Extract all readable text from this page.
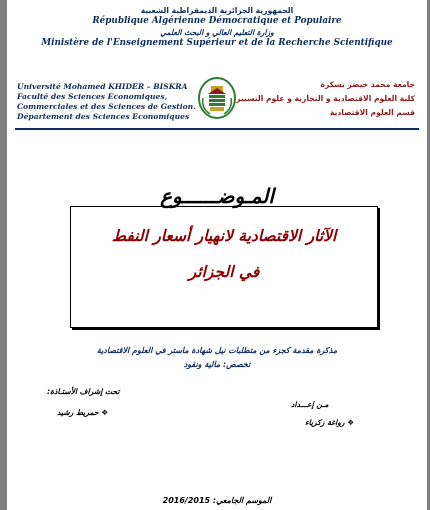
الجمهورية الجزائرية الديمقراطية الشعبية
République Algérienne Démocratique et Populaire
وزارة التعليم العالي و البحث العلمي
Ministère de l'Enseignement Supérieur et de la Recherche Scientifique
Université Mohamed KHIDER – BISKRA
Faculté des Sciences Economiques,
Commerciales et des Sciences de Gestion.
Département des Sciences Economiques
جامعة محمد خيضر بسكرة
كلية العلوم الاقتصادية و التجارية و علوم التسيير
قسم العلوم الاقتصادية
المـوضــــــوع
الآثار الاقتصادية لانهيار أسعار النفط
في الجزائر
مذكرة مقدمة كجزء من متطلبات نيل شهادة ماستر في العلوم الاقتصادية
تخصص: مالية ونقود
تحت إشراف الأستـاذة:
❖ حمريط رشيد
مـن إعـــداد
❖ رواغة زكرياء
الموسم الجامعي: 2016/2015
